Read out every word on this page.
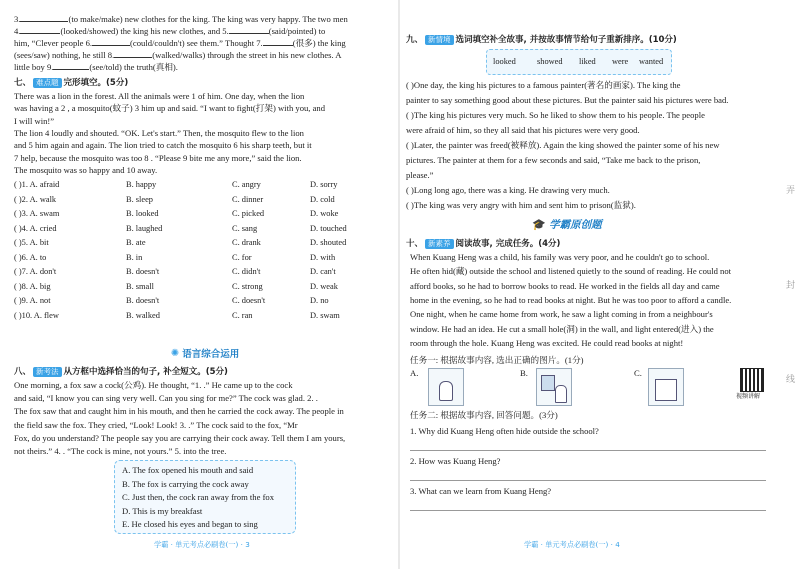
3.	(to make/make) new clothes for the king. The king was very happy. The two men
4.	(looked/showed) the king his new clothes, and 5.	(said/pointed) to
him, “Clever people 6.	(could/couldn't) see them.” Thought 7.	(很多) the king
(sees/saw) nothing, he still 8.	(walked/walks) through the street in his new clothes. A
little boy 9.	(see/told) the truth(真相).
七、 难点题 完形填空。(5分)
There was a lion in the forest. All the animals were 1 of him. One day, when the lion
was having a 2 , a mosquito(蚊子) 3 him up and said. “I want to fight(打架) with you, and
I will win!”
The lion 4 loudly and shouted. “OK. Let's start.” Then, the mosquito flew to the lion
and 5 him again and again. The lion tried to catch the mosquito 6 his sharp teeth, but it
7 help, because the mosquito was too 8 . “Please 9 bite me any more,” said the lion.
The mosquito was so happy and 10 away.
( )1. A. afraid	B. happy	C. angry	D. sorry
( )2. A. walk	B. sleep	C. dinner	D. cold
( )3. A. swam	B. looked	C. picked	D. woke
( )4. A. cried	B. laughed	C. sang	D. touched
( )5. A. bit	B. ate	C. drank	D. shouted
( )6. A. to	B. in	C. for	D. with
( )7. A. don't	B. doesn't	C. didn't	D. can't
( )8. A. big	B. small	C. strong	D. weak
( )9. A. not	B. doesn't	C. doesn't	D. no
( )10. A. flew	B. walked	C. ran	D. swam
✺ 语言综合运用
八、 新考法 从方框中选择恰当的句子, 补全短文。(5分)
One morning, a fox saw a cock(公鸡). He thought, “1. .” He came up to the cock
and said, “I know you can sing very well. Can you sing for me?” The cock was glad. 2. .
The fox saw that and caught him in his mouth, and then he carried the cock away. The people in
the field saw the fox. They cried, “Look! Look! 3. .” The cock said to the fox, “Mr
Fox, do you understand? The people say you are carrying their cock away. Tell them I am yours,
not theirs.” 4. . “The cock is mine, not yours.” 5. into the tree.
A. The fox opened his mouth and said
B. The fox is carrying the cock away
C. Just then, the cock ran away from the fox
D. This is my breakfast
E. He closed his eyes and began to sing
学霸 · 单元考点必刷卷(一) · 3
九、 新情境 选词填空补全故事, 并按故事情节给句子重新排序。(10分)
looked	showed liked were wanted
( )One day, the king his pictures to a famous painter(著名的画家). The king the
painter to say something good about these pictures. But the painter said his pictures were bad.
( )The king his pictures very much. So he liked to show them to his people. The people
were afraid of him, so they all said that his pictures were very good.
( )Later, the painter was freed(被释放). Again the king showed the painter some of his new
pictures. The painter at them for a few seconds and said, “Take me back to the prison,
please.”
( )Long long ago, there was a king. He drawing very much.
( )The king was very angry with him and sent him to prison(监狱).
🎓 学霸原创题
十、 新素养 阅读故事, 完成任务。(4分)
When Kuang Heng was a child, his family was very poor, and he couldn't go to school.
He often hid(藏) outside the school and listened quietly to the sound of reading. He could not
afford books, so he had to borrow books to read. He worked in the fields all day and came
home in the evening, so he had to read books at night. But he was too poor to afford a candle.
One night, when he came home from work, he saw a light coming in from a neighbour's
window. He had an idea. He cut a small hole(洞) in the wall, and light entered(进入) the
room through the hole. Kuang Heng was excited. He could read books at night!
任务一: 根据故事内容, 选出正确的图片。(1分)
A.	B.	C.
视频讲解
任务二: 根据故事内容, 回答问题。(3分)
1. Why did Kuang Heng often hide outside the school?
2. How was Kuang Heng?
3. What can we learn from Kuang Heng?
学霸 · 单元考点必刷卷(一) · 4
弄
封
线
